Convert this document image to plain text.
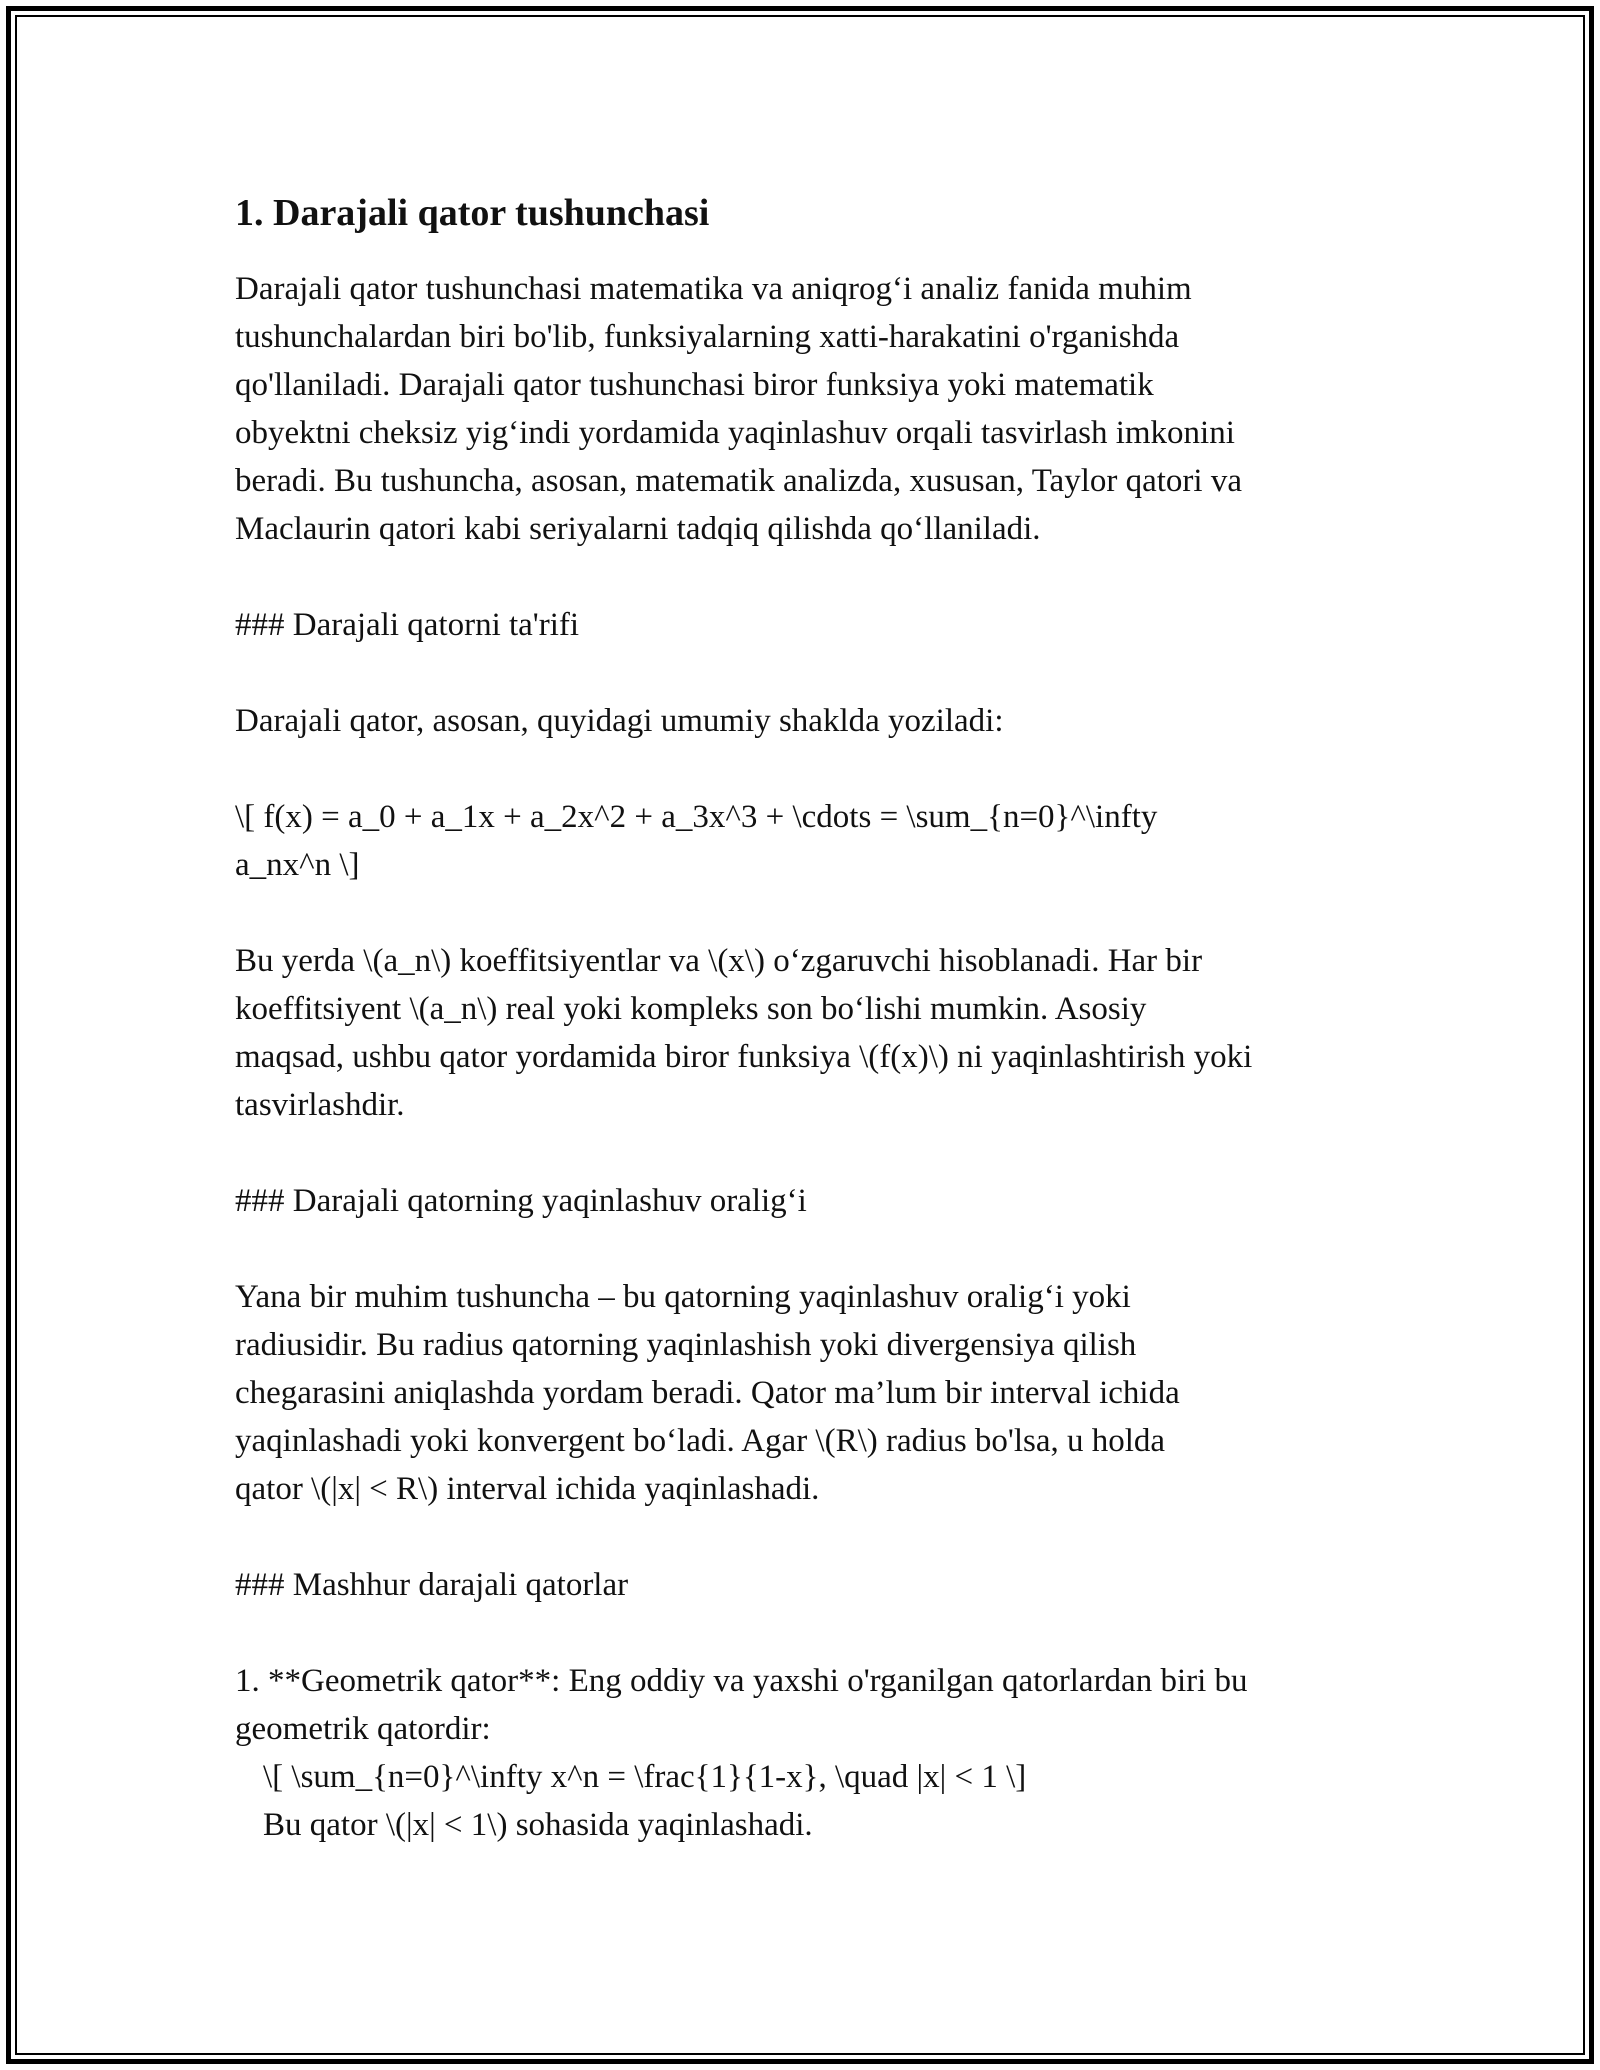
1. Darajali qator tushunchasi

Darajali qator tushunchasi matematika va aniqrog‘i analiz fanida muhim
tushunchalardan biri bo'lib, funksiyalarning xatti-harakatini o'rganishda
qo'llaniladi. Darajali qator tushunchasi biror funksiya yoki matematik
obyektni cheksiz yig‘indi yordamida yaqinlashuv orqali tasvirlash imkonini
beradi. Bu tushuncha, asosan, matematik analizda, xususan, Taylor qatori va
Maclaurin qatori kabi seriyalarni tadqiq qilishda qo‘llaniladi.

### Darajali qatorni ta'rifi

Darajali qator, asosan, quyidagi umumiy shaklda yoziladi:

\[ f(x) = a_0 + a_1x + a_2x^2 + a_3x^3 + \cdots = \sum_{n=0}^\infty
a_nx^n \]

Bu yerda \(a_n\) koeffitsiyentlar va \(x\) o‘zgaruvchi hisoblanadi. Har bir
koeffitsiyent \(a_n\) real yoki kompleks son bo‘lishi mumkin. Asosiy
maqsad, ushbu qator yordamida biror funksiya \(f(x)\) ni yaqinlashtirish yoki
tasvirlashdir.

### Darajali qatorning yaqinlashuv oralig‘i

Yana bir muhim tushuncha – bu qatorning yaqinlashuv oralig‘i yoki
radiusidir. Bu radius qatorning yaqinlashish yoki divergensiya qilish
chegarasini aniqlashda yordam beradi. Qator ma’lum bir interval ichida
yaqinlashadi yoki konvergent bo‘ladi. Agar \(R\) radius bo'lsa, u holda
qator \(|x| < R\) interval ichida yaqinlashadi.

### Mashhur darajali qatorlar

1. **Geometrik qator**: Eng oddiy va yaxshi o'rganilgan qatorlardan biri bu
geometrik qatordir:

\[ \sum_{n=0}^\infty x^n = \frac{1}{1-x}, \quad |x| < 1 \]

Bu qator \(|x| < 1\) sohasida yaqinlashadi.
